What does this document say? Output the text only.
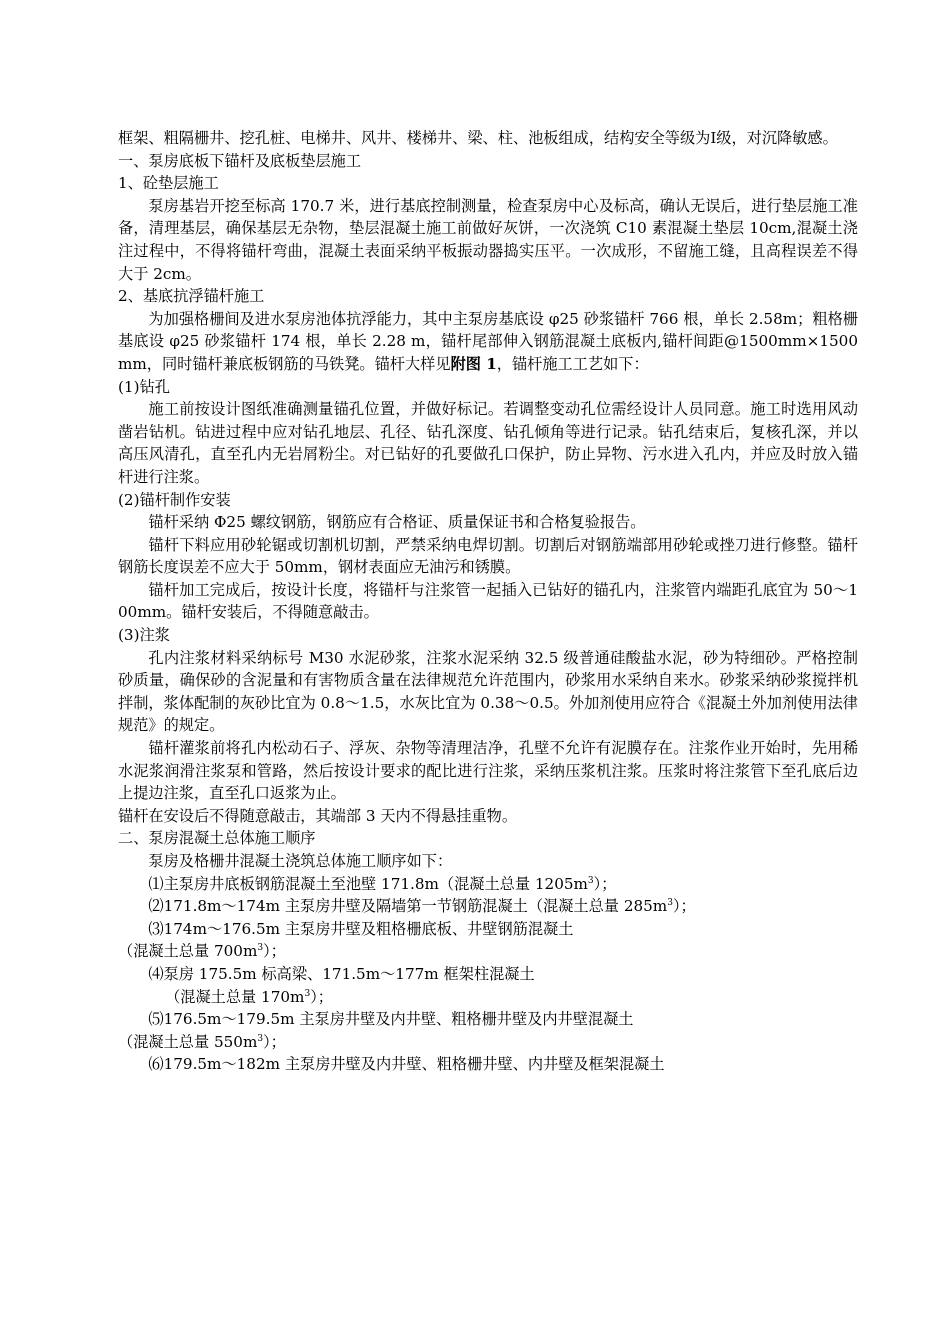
框架、粗隔栅井、挖孔桩、电梯井、风井、楼梯井、梁、柱、池板组成，结构安全等级为Ⅰ级，对沉降敏感。

一、泵房底板下锚杆及底板垫层施工

1、砼垫层施工

泵房基岩开挖至标高 170.7 米，进行基底控制测量，检查泵房中心及标高，确认无误后，进行垫层施工准备，清理基层，确保基层无杂物，垫层混凝土施工前做好灰饼，一次浇筑 C10 素混凝土垫层 10cm,混凝土浇注过程中，不得将锚杆弯曲，混凝土表面采纳平板振动器捣实压平。一次成形，不留施工缝，且高程误差不得大于 2cm。

2、基底抗浮锚杆施工

为加强格栅间及进水泵房池体抗浮能力，其中主泵房基底设 φ25 砂浆锚杆 766 根，单长 2.58m；粗格栅基底设 φ25 砂浆锚杆 174 根，单长 2.28 m，锚杆尾部伸入钢筋混凝土底板内,锚杆间距@1500mm×1500mm，同时锚杆兼底板钢筋的马铁凳。锚杆大样见附图 1，锚杆施工工艺如下：

(1)钻孔

施工前按设计图纸准确测量锚孔位置，并做好标记。若调整变动孔位需经设计人员同意。施工时选用风动凿岩钻机。钻进过程中应对钻孔地层、孔径、钻孔深度、钻孔倾角等进行记录。钻孔结束后，复核孔深，并以高压风清孔，直至孔内无岩屑粉尘。对已钻好的孔要做孔口保护，防止异物、污水进入孔内，并应及时放入锚杆进行注浆。

(2)锚杆制作安装

锚杆采纳 Φ25 螺纹钢筋，钢筋应有合格证、质量保证书和合格复验报告。

锚杆下料应用砂轮锯或切割机切割，严禁采纳电焊切割。切割后对钢筋端部用砂轮或挫刀进行修整。锚杆钢筋长度误差不应大于 50mm，钢材表面应无油污和锈膜。

锚杆加工完成后，按设计长度，将锚杆与注浆管一起插入已钻好的锚孔内，注浆管内端距孔底宜为 50～100mm。锚杆安装后，不得随意敲击。

(3)注浆

孔内注浆材料采纳标号 M30 水泥砂浆，注浆水泥采纳 32.5 级普通硅酸盐水泥，砂为特细砂。严格控制砂质量，确保砂的含泥量和有害物质含量在法律规范允许范围内，砂浆用水采纳自来水。砂浆采纳砂浆搅拌机拌制，浆体配制的灰砂比宜为 0.8～1.5，水灰比宜为 0.38～0.5。外加剂使用应符合《混凝土外加剂使用法律规范》的规定。

锚杆灌浆前将孔内松动石子、浮灰、杂物等清理洁净，孔壁不允许有泥膜存在。注浆作业开始时，先用稀水泥浆润滑注浆泵和管路，然后按设计要求的配比进行注浆，采纳压浆机注浆。压浆时将注浆管下至孔底后边上提边注浆，直至孔口返浆为止。

锚杆在安设后不得随意敲击，其端部 3 天内不得悬挂重物。

二、泵房混凝土总体施工顺序

泵房及格栅井混凝土浇筑总体施工顺序如下：

⑴主泵房井底板钢筋混凝土至池壁 171.8m（混凝土总量 $1205m^3$）；

⑵171.8m～174m 主泵房井壁及隔墙第一节钢筋混凝土（混凝土总量 $285m^3$）；

⑶174m～176.5m 主泵房井壁及粗格栅底板、井壁钢筋混凝土

（混凝土总量 $700m^3$）；

⑷泵房 175.5m 标高梁、171.5m～177m 框架柱混凝土

（混凝土总量 $170m^3$）；

⑸176.5m～179.5m 主泵房井壁及内井壁、粗格栅井壁及内井壁混凝土

（混凝土总量 $550m^3$）；

⑹179.5m～182m 主泵房井壁及内井壁、粗格栅井壁、内井壁及框架混凝土
